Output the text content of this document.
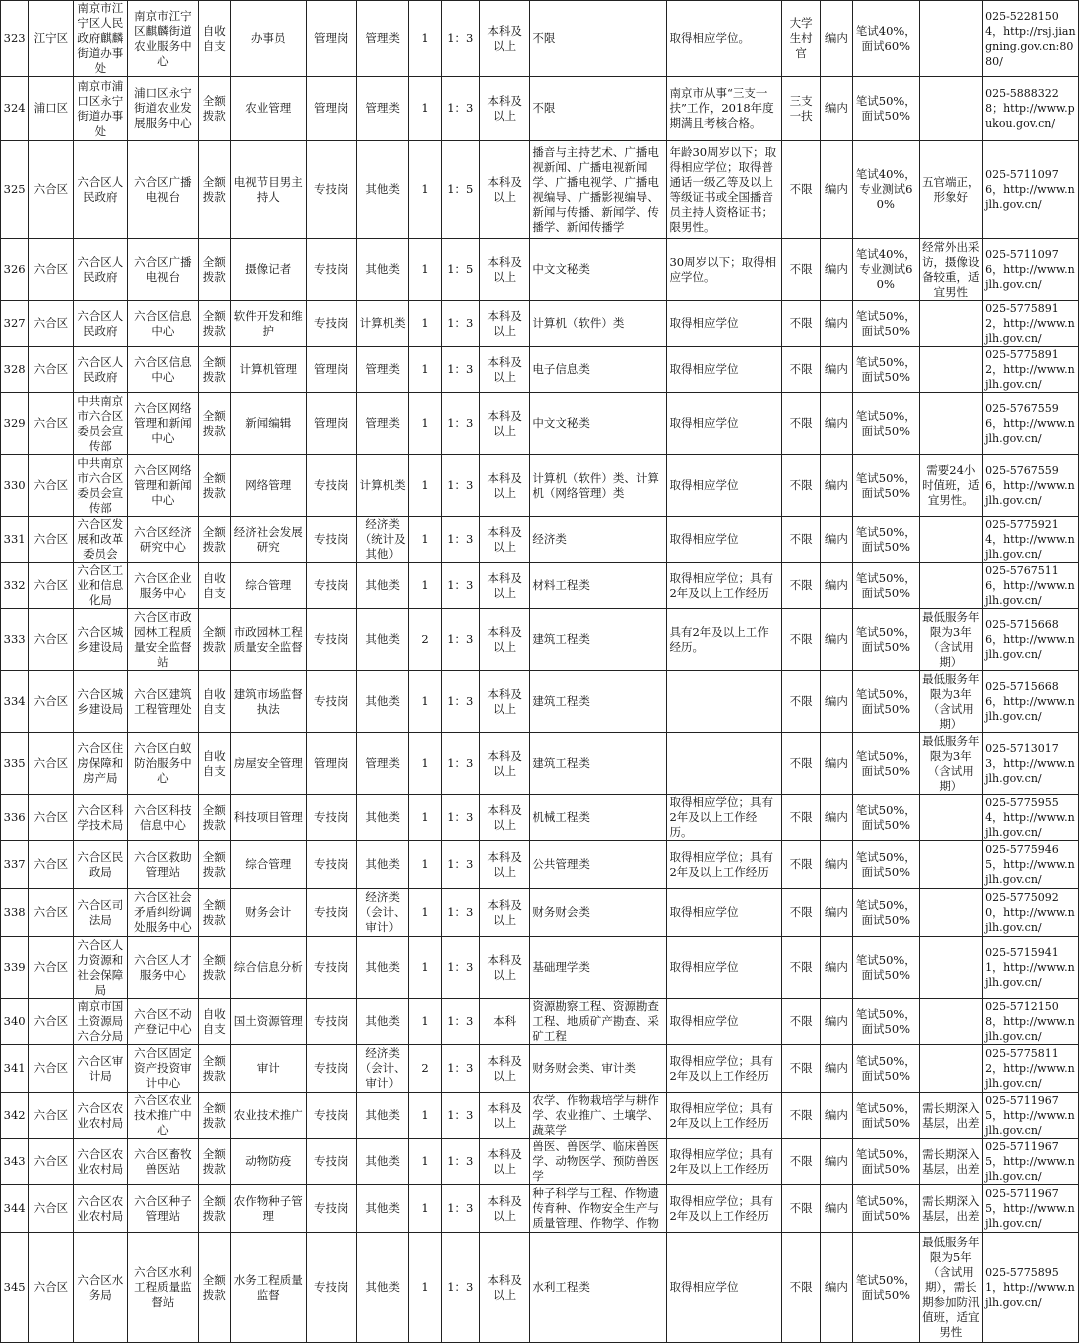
323	江宁区	南京市江宁区人民政府麒麟街道办事处	南京市江宁区麒麟街道农业服务中心	自收自支	办事员	管理岗	管理类	1	1：3	本科及以上	不限	取得相应学位。	大学生村官	编内	笔试40%，面试60%		025-52281504，http://rsj.jiangning.gov.cn:8080/
324	浦口区	南京市浦口区永宁街道办事处	浦口区永宁街道农业发展服务中心	全额拨款	农业管理	管理岗	管理类	1	1：3	本科及以上	不限	南京市从事“三支一扶”工作，2018年度期满且考核合格。	三支一扶	编内	笔试50%，面试50%		025-58883228；http://www.pukou.gov.cn/
325	六合区	六合区人民政府	六合区广播电视台	全额拨款	电视节目男主持人	专技岗	其他类	1	1：5	本科及以上	播音与主持艺术、广播电视新闻、广播电视新闻学、广播电视学、广播电视编导、广播影视编导、新闻与传播、新闻学、传播学、新闻传播学	年龄30周岁以下；取得相应学位；取得普通话一级乙等及以上等级证书或全国播音员主持人资格证书；限男性。	不限	编内	笔试40%，专业测试60%	五官端正，形象好	025-57110976，http://www.njlh.gov.cn/
326	六合区	六合区人民政府	六合区广播电视台	全额拨款	摄像记者	专技岗	其他类	1	1：5	本科及以上	中文文秘类	30周岁以下；取得相应学位。	不限	编内	笔试40%，专业测试60%	经常外出采访，摄像设备较重，适宜男性	025-57110976，http://www.njlh.gov.cn/
327	六合区	六合区人民政府	六合区信息中心	全额拨款	软件开发和维护	专技岗	计算机类	1	1：3	本科及以上	计算机（软件）类	取得相应学位	不限	编内	笔试50%，面试50%		025-57758912，http://www.njlh.gov.cn/
328	六合区	六合区人民政府	六合区信息中心	全额拨款	计算机管理	管理岗	管理类	1	1：3	本科及以上	电子信息类	取得相应学位	不限	编内	笔试50%，面试50%		025-57758912，http://www.njlh.gov.cn/
329	六合区	中共南京市六合区委员会宣传部	六合区网络管理和新闻中心	全额拨款	新闻编辑	管理岗	管理类	1	1：3	本科及以上	中文文秘类	取得相应学位	不限	编内	笔试50%，面试50%		025-57675596，http://www.njlh.gov.cn/
330	六合区	中共南京市六合区委员会宣传部	六合区网络管理和新闻中心	全额拨款	网络管理	专技岗	计算机类	1	1：3	本科及以上	计算机（软件）类、计算机（网络管理）类	取得相应学位	不限	编内	笔试50%，面试50%	需要24小时值班，适宜男性。	025-57675596，http://www.njlh.gov.cn/
331	六合区	六合区发展和改革委员会	六合区经济研究中心	全额拨款	经济社会发展研究	专技岗	经济类（统计及其他）	1	1：3	本科及以上	经济类	取得相应学位	不限	编内	笔试50%，面试50%		025-57759214，http://www.njlh.gov.cn/
332	六合区	六合区工业和信息化局	六合区企业服务中心	自收自支	综合管理	专技岗	其他类	1	1：3	本科及以上	材料工程类	取得相应学位；具有2年及以上工作经历	不限	编内	笔试50%，面试50%		025-57675116，http://www.njlh.gov.cn/
333	六合区	六合区城乡建设局	六合区市政园林工程质量安全监督站	全额拨款	市政园林工程质量安全监督	专技岗	其他类	2	1：3	本科及以上	建筑工程类	具有2年及以上工作经历。	不限	编内	笔试50%，面试50%	最低服务年限为3年（含试用期）	025-57156686，http://www.njlh.gov.cn/
334	六合区	六合区城乡建设局	六合区建筑工程管理处	自收自支	建筑市场监督执法	专技岗	其他类	1	1：3	本科及以上	建筑工程类		不限	编内	笔试50%，面试50%	最低服务年限为3年（含试用期）	025-57156686，http://www.njlh.gov.cn/
335	六合区	六合区住房保障和房产局	六合区白蚁防治服务中心	自收自支	房屋安全管理	管理岗	管理类	1	1：3	本科及以上	建筑工程类		不限	编内	笔试50%，面试50%	最低服务年限为3年（含试用期）	025-57130173，http://www.njlh.gov.cn/
336	六合区	六合区科学技术局	六合区科技信息中心	全额拨款	科技项目管理	专技岗	其他类	1	1：3	本科及以上	机械工程类	取得相应学位；具有2年及以上工作经历。	不限	编内	笔试50%，面试50%		025-57759554，http://www.njlh.gov.cn/
337	六合区	六合区民政局	六合区救助管理站	全额拨款	综合管理	专技岗	其他类	1	1：3	本科及以上	公共管理类	取得相应学位；具有2年及以上工作经历	不限	编内	笔试50%，面试50%		025-57759465，http://www.njlh.gov.cn/
338	六合区	六合区司法局	六合区社会矛盾纠纷调处服务中心	全额拨款	财务会计	专技岗	经济类（会计、审计）	1	1：3	本科及以上	财务财会类	取得相应学位	不限	编内	笔试50%，面试50%		025-57750920，http://www.njlh.gov.cn/
339	六合区	六合区人力资源和社会保障局	六合区人才服务中心	全额拨款	综合信息分析	专技岗	其他类	1	1：3	本科及以上	基础理学类	取得相应学位	不限	编内	笔试50%，面试50%		025-57159411，http://www.njlh.gov.cn/
340	六合区	南京市国土资源局六合分局	六合区不动产登记中心	自收自支	国土资源管理	专技岗	其他类	1	1：3	本科	资源勘察工程、资源勘查工程、地质矿产勘查、采矿工程	取得相应学位	不限	编内	笔试50%，面试50%		025-57121508，http://www.njlh.gov.cn/
341	六合区	六合区审计局	六合区固定资产投资审计中心	全额拨款	审计	专技岗	经济类（会计、审计）	2	1：3	本科及以上	财务财会类、审计类	取得相应学位；具有2年及以上工作经历	不限	编内	笔试50%，面试50%		025-57758112，http://www.njlh.gov.cn/
342	六合区	六合区农业农村局	六合区农业技术推广中心	全额拨款	农业技术推广	专技岗	其他类	1	1：3	本科及以上	农学、作物栽培学与耕作学、农业推广、土壤学、蔬菜学	取得相应学位；具有2年及以上工作经历	不限	编内	笔试50%，面试50%	需长期深入基层，出差	025-57119675，http://www.njlh.gov.cn/
343	六合区	六合区农业农村局	六合区畜牧兽医站	全额拨款	动物防疫	专技岗	其他类	1	1：3	本科及以上	兽医、兽医学、临床兽医学、动物医学、预防兽医学	取得相应学位；具有2年及以上工作经历	不限	编内	笔试50%，面试50%	需长期深入基层，出差	025-57119675，http://www.njlh.gov.cn/
344	六合区	六合区农业农村局	六合区种子管理站	全额拨款	农作物种子管理	专技岗	其他类	1	1：3	本科及以上	种子科学与工程、作物遗传育种、作物安全生产与质量管理、作物学、作物	取得相应学位；具有2年及以上工作经历	不限	编内	笔试50%，面试50%	需长期深入基层，出差	025-57119675，http://www.njlh.gov.cn/
345	六合区	六合区水务局	六合区水利工程质量监督站	全额拨款	水务工程质量监督	专技岗	其他类	1	1：3	本科及以上	水利工程类	取得相应学位	不限	编内	笔试50%，面试50%	最低服务年限为5年（含试用期），需长期参加防汛值班，适宜男性	025-57758951，http://www.njlh.gov.cn/
